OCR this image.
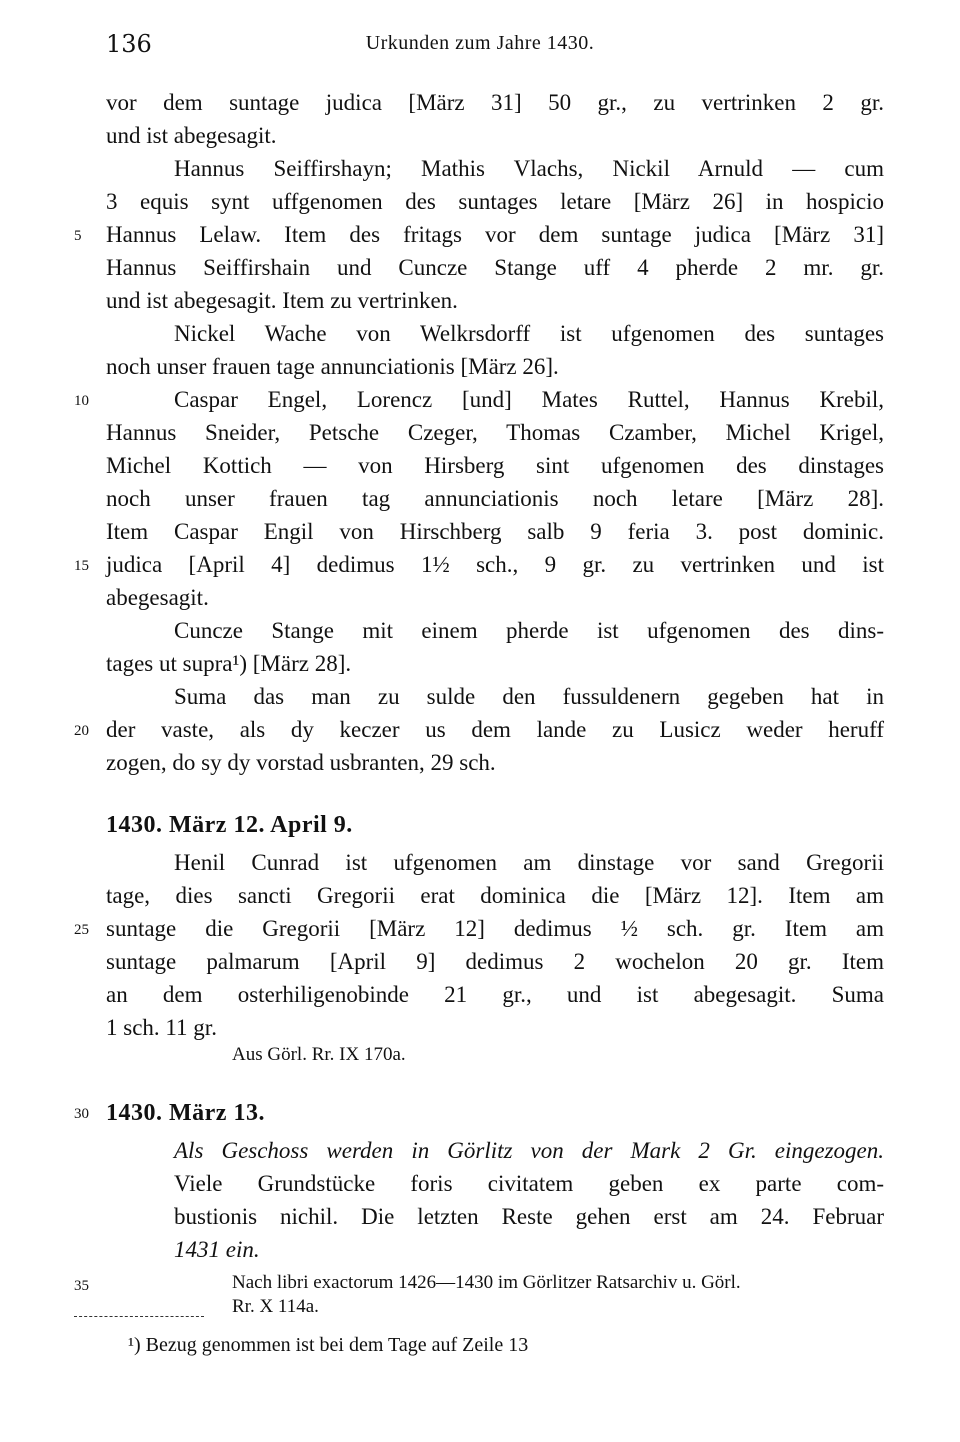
136	Urkunden zum Jahre 1430.
vor dem suntage judica [März 31] 50 gr., zu vertrinken 2 gr.
und ist abegesagit.
Hannus Seiffirshayn; Mathis Vlachs, Nickil Arnuld — cum
3 equis synt uffgenomen des suntages letare [März 26] in hospicio
Hannus Lelaw. Item des fritags vor dem suntage judica [März 31]
Hannus Seiffirshain und Cuncze Stange uff 4 pherde 2 mr. gr.
und ist abegesagit. Item zu vertrinken.
Nickel Wache von Welkrsdorff ist ufgenomen des suntages
noch unser frauen tage annunciationis [März 26].
Caspar Engel, Lorencz [und] Mates Ruttel, Hannus Krebil,
Hannus Sneider, Petsche Czeger, Thomas Czamber, Michel Krigel,
Michel Kottich — von Hirsberg sint ufgenomen des dinstages
noch unser frauen tag annunciationis noch letare [März 28].
Item Caspar Engil von Hirschberg salb 9 feria 3. post dominic.
judica [April 4] dedimus 1½ sch., 9 gr. zu vertrinken und ist
abegesagit.
Cuncze Stange mit einem pherde ist ufgenomen des dins-
tages ut supra¹) [März 28].
Suma das man zu sulde den fussuldenern gegeben hat in
der vaste, als dy keczer us dem lande zu Lusicz weder heruff
zogen, do sy dy vorstad usbranten, 29 sch.
1430. März 12. April 9.
Henil Cunrad ist ufgenomen am dinstage vor sand Gregorii
tage, dies sancti Gregorii erat dominica die [März 12]. Item am
suntage die Gregorii [März 12] dedimus ½ sch. gr. Item am
suntage palmarum [April 9] dedimus 2 wochelon 20 gr. Item
an dem osterhiligenobinde 21 gr., und ist abegesagit. Suma
1 sch. 11 gr.
Aus Görl. Rr. IX 170a.
1430. März 13.
Als Geschoss werden in Görlitz von der Mark 2 Gr. eingezogen.
Viele Grundstücke foris civitatem geben ex parte com-
bustionis nichil. Die letzten Reste gehen erst am 24. Februar
1431 ein.
Nach libri exactorum 1426—1430 im Görlitzer Ratsarchiv u. Görl.
Rr. X 114a.
5
10
15
20
25
30
35
¹) Bezug genommen ist bei dem Tage auf Zeile 13
